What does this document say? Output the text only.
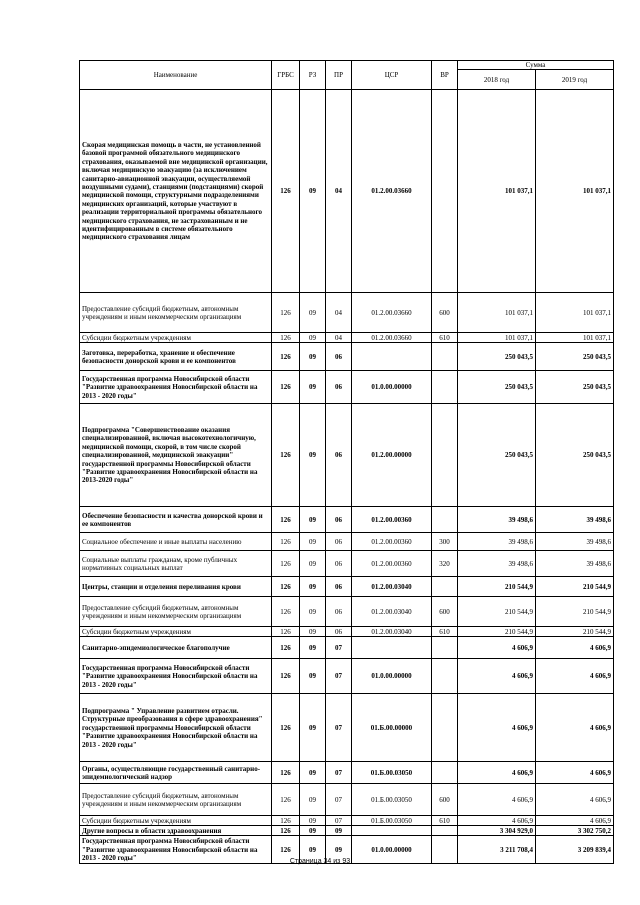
Наименование	ГРБС	РЗ	ПР	ЦСР	ВР	Сумма	
						2018 год	2019 год
Скорая медицинская помощь в части, не установленной базовой программой обязательного медицинского страхования, оказываемой вне медицинской организации, включая медицинскую эвакуацию (за исключением санитарно-авиационной эвакуации, осуществляемой воздушными судами), станциями (подстанциями) скорой медицинской помощи, структурными подразделениями медицинских организаций, которые участвуют в реализации территориальной программы обязательного медицинского страхования, не застрахованным и не идентифицированным в системе обязательного медицинского страхования лицам	126	09	04	01.2.00.03660		101 037,1	101 037,1
Предоставление субсидий бюджетным, автономным учреждениям и иным некоммерческим организациям	126	09	04	01.2.00.03660	600	101 037,1	101 037,1
Субсидии бюджетным учреждениям	126	09	04	01.2.00.03660	610	101 037,1	101 037,1
Заготовка, переработка, хранение и обеспечение безопасности донорской крови и ее компонентов	126	09	06			250 043,5	250 043,5
Государственная программа Новосибирской области "Развитие здравоохранения Новосибирской области на 2013 - 2020 годы"	126	09	06	01.0.00.00000		250 043,5	250 043,5
Подпрограмма "Совершенствование оказания специализированной, включая высокотехнологичную, медицинской помощи, скорой, в том числе скорой специализированной, медицинской эвакуации" государственной программы Новосибирской области "Развитие здравоохранения Новосибирской области на 2013-2020 годы"	126	09	06	01.2.00.00000		250 043,5	250 043,5
Обеспечение безопасности и качества донорской крови и ее компонентов	126	09	06	01.2.00.00360		39 498,6	39 498,6
Социальное обеспечение и иные выплаты населению	126	09	06	01.2.00.00360	300	39 498,6	39 498,6
Социальные выплаты гражданам, кроме публичных нормативных социальных выплат	126	09	06	01.2.00.00360	320	39 498,6	39 498,6
Центры, станции и отделения переливания крови	126	09	06	01.2.00.03040		210 544,9	210 544,9
Предоставление субсидий бюджетным, автономным учреждениям и иным некоммерческим организациям	126	09	06	01.2.00.03040	600	210 544,9	210 544,9
Субсидии бюджетным учреждениям	126	09	06	01.2.00.03040	610	210 544,9	210 544,9
Санитарно-эпидемиологическое благополучие	126	09	07			4 606,9	4 606,9
Государственная программа Новосибирской области "Развитие здравоохранения Новосибирской области на 2013 - 2020 годы"	126	09	07	01.0.00.00000		4 606,9	4 606,9
Подпрограмма " Управление развитием отрасли. Структурные преобразования в сфере здравоохранения" государственной программы Новосибирской области "Развитие здравоохранения Новосибирской области на 2013 - 2020 годы"	126	09	07	01.Б.00.00000		4 606,9	4 606,9
Органы, осуществляющие государственный санитарно-эпидемиологический надзор	126	09	07	01.Б.00.03050		4 606,9	4 606,9
Предоставление субсидий бюджетным, автономным учреждениям и иным некоммерческим организациям	126	09	07	01.Б.00.03050	600	4 606,9	4 606,9
Субсидии бюджетным учреждениям	126	09	07	01.Б.00.03050	610	4 606,9	4 606,9
Другие вопросы в области здравоохранения	126	09	09			3 304 929,0	3 302 750,2
Государственная программа Новосибирской области "Развитие здравоохранения Новосибирской области на 2013 - 2020 годы"	126	09	09	01.0.00.00000		3 211 708,4	3 209 839,4
Страница 34 из 93
